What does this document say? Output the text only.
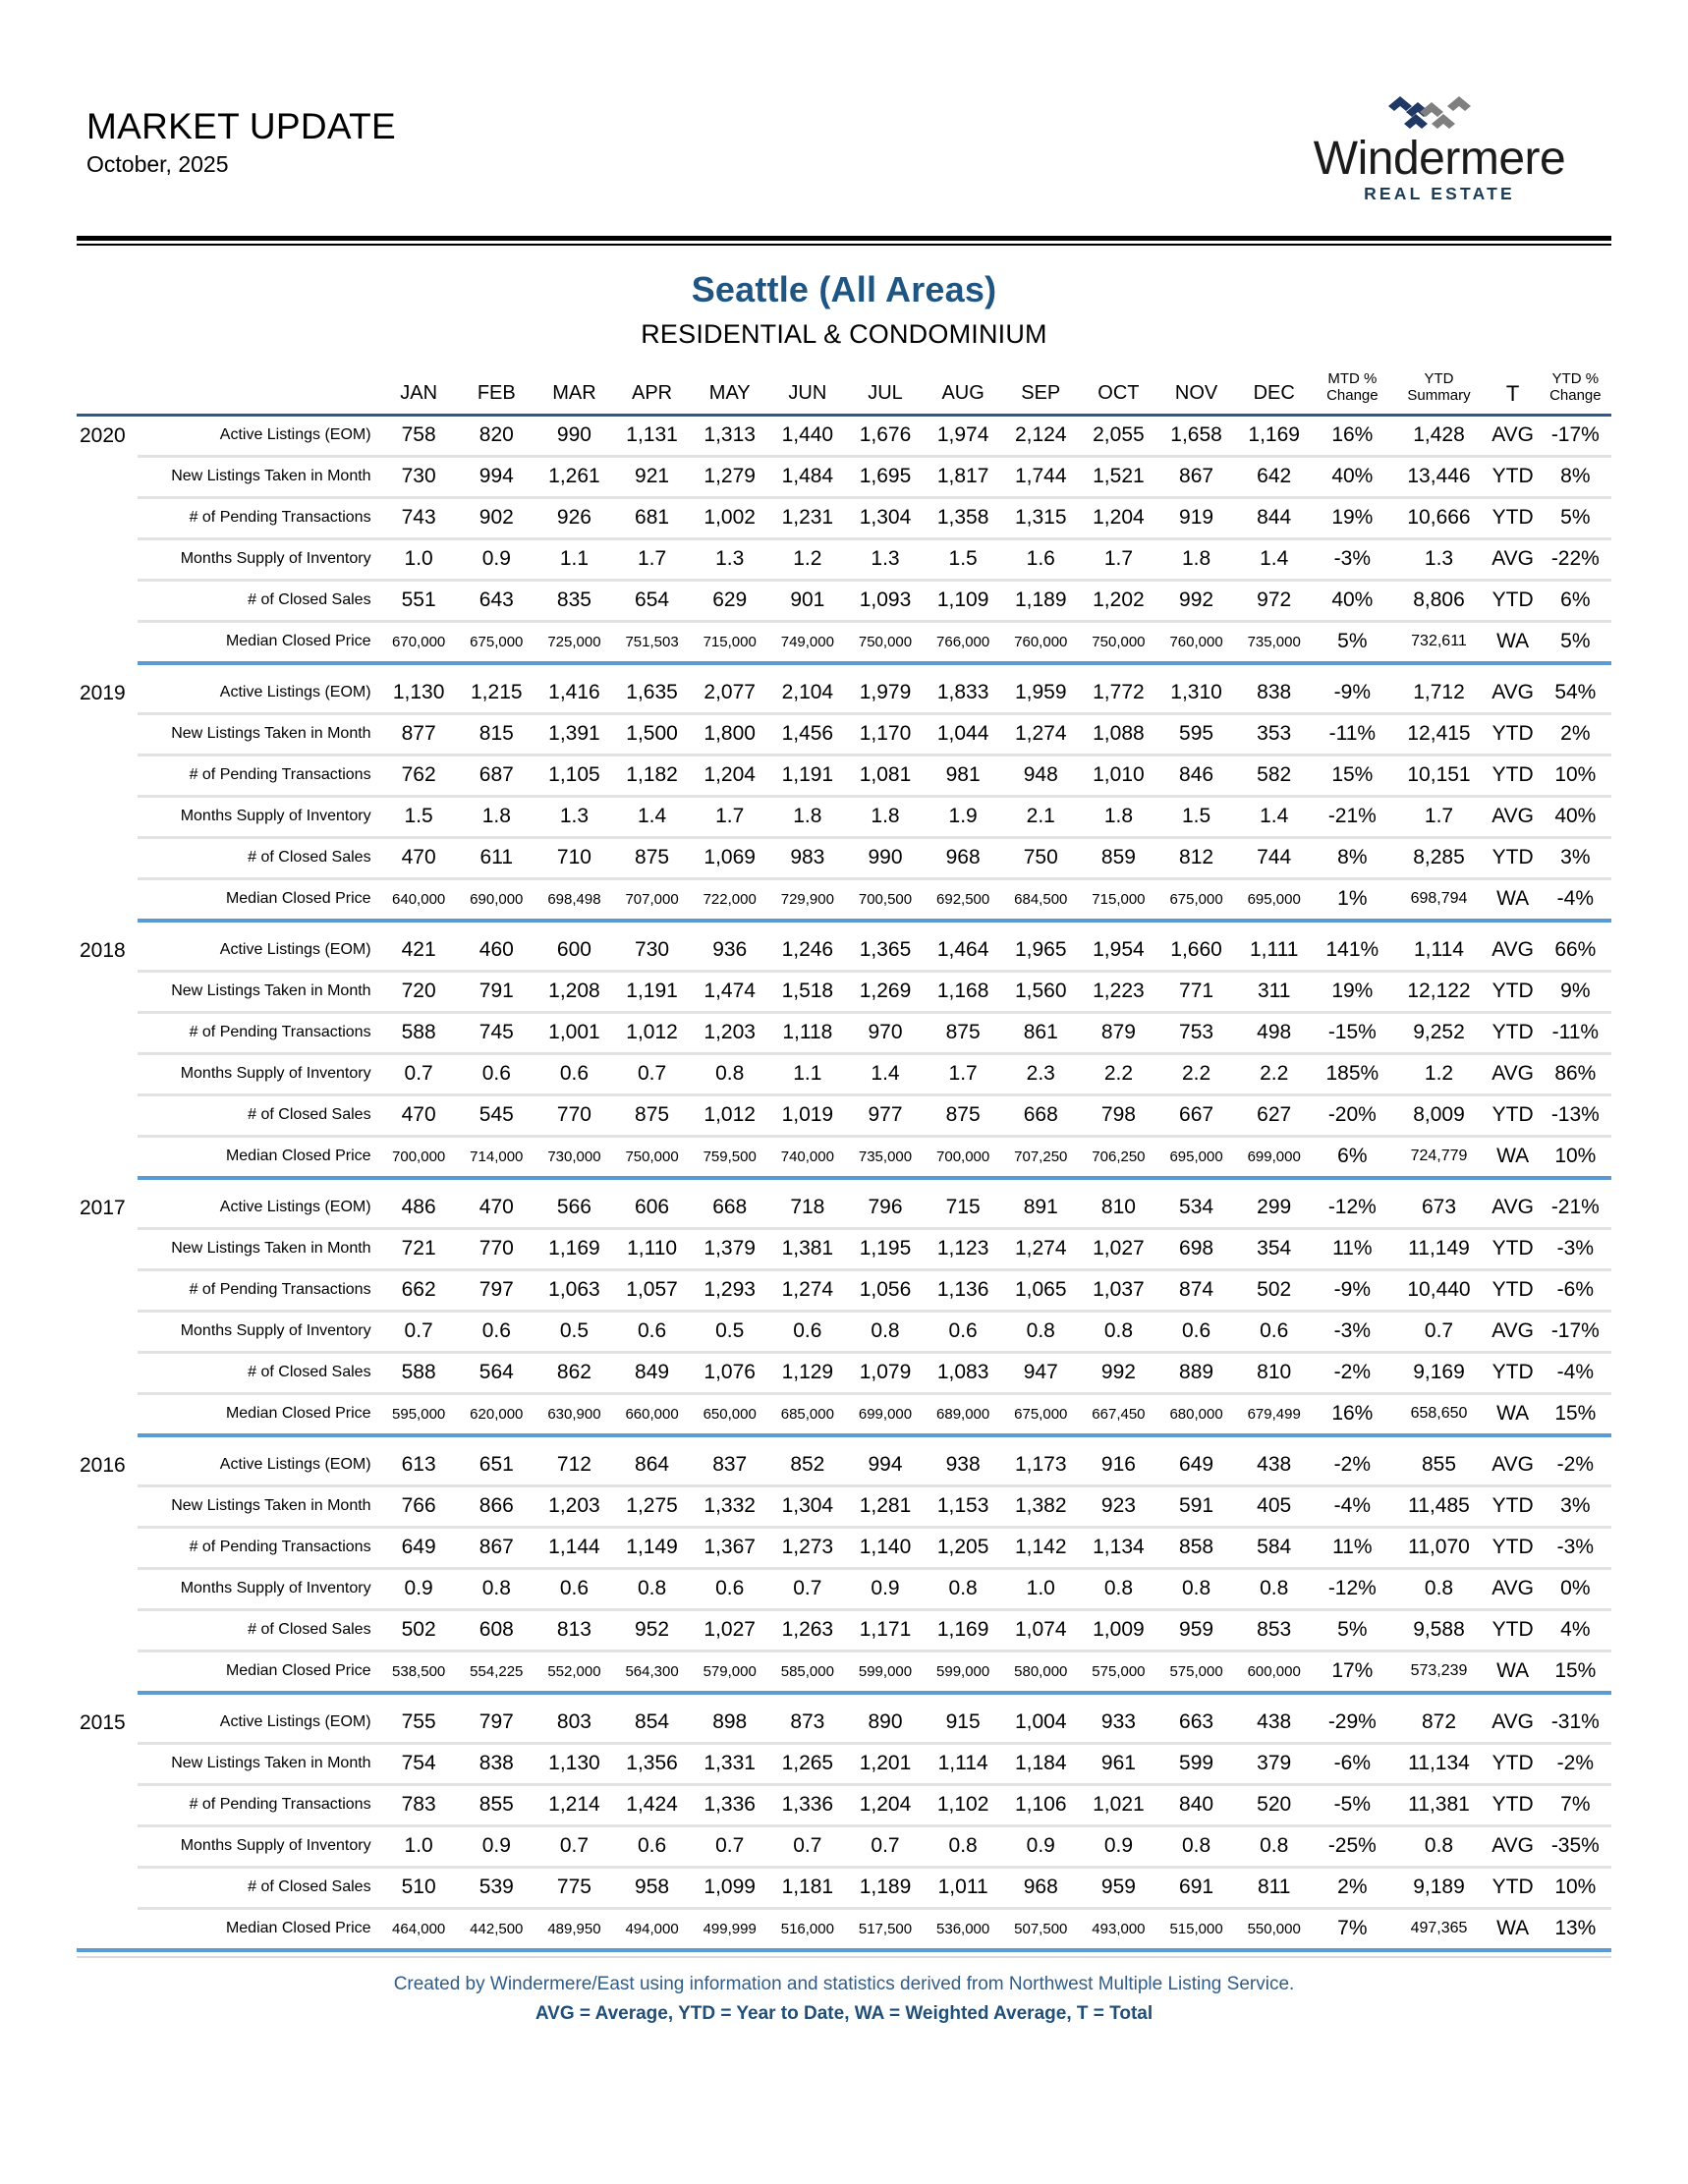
MARKET UPDATE
October, 2025	Windermere
REAL ESTATE
Seattle (All Areas)
RESIDENTIAL & CONDOMINIUM
		JAN	FEB	MAR	APR	MAY	JUN	JUL	AUG	SEP	OCT	NOV	DEC	MTD %
Change	YTD
Summary	T	YTD %
Change
2020	Active Listings (EOM)	758	820	990	1,131	1,313	1,440	1,676	1,974	2,124	2,055	1,658	1,169	16%	1,428	AVG	-17%
	New Listings Taken in Month	730	994	1,261	921	1,279	1,484	1,695	1,817	1,744	1,521	867	642	40%	13,446	YTD	8%
	# of Pending Transactions	743	902	926	681	1,002	1,231	1,304	1,358	1,315	1,204	919	844	19%	10,666	YTD	5%
	Months Supply of Inventory	1.0	0.9	1.1	1.7	1.3	1.2	1.3	1.5	1.6	1.7	1.8	1.4	-3%	1.3	AVG	-22%
	# of Closed Sales	551	643	835	654	629	901	1,093	1,109	1,189	1,202	992	972	40%	8,806	YTD	6%
	Median Closed Price	670,000	675,000	725,000	751,503	715,000	749,000	750,000	766,000	760,000	750,000	760,000	735,000	5%	732,611	WA	5%

2019	Active Listings (EOM)	1,130	1,215	1,416	1,635	2,077	2,104	1,979	1,833	1,959	1,772	1,310	838	-9%	1,712	AVG	54%
	New Listings Taken in Month	877	815	1,391	1,500	1,800	1,456	1,170	1,044	1,274	1,088	595	353	-11%	12,415	YTD	2%
	# of Pending Transactions	762	687	1,105	1,182	1,204	1,191	1,081	981	948	1,010	846	582	15%	10,151	YTD	10%
	Months Supply of Inventory	1.5	1.8	1.3	1.4	1.7	1.8	1.8	1.9	2.1	1.8	1.5	1.4	-21%	1.7	AVG	40%
	# of Closed Sales	470	611	710	875	1,069	983	990	968	750	859	812	744	8%	8,285	YTD	3%
	Median Closed Price	640,000	690,000	698,498	707,000	722,000	729,900	700,500	692,500	684,500	715,000	675,000	695,000	1%	698,794	WA	-4%

2018	Active Listings (EOM)	421	460	600	730	936	1,246	1,365	1,464	1,965	1,954	1,660	1,111	141%	1,114	AVG	66%
	New Listings Taken in Month	720	791	1,208	1,191	1,474	1,518	1,269	1,168	1,560	1,223	771	311	19%	12,122	YTD	9%
	# of Pending Transactions	588	745	1,001	1,012	1,203	1,118	970	875	861	879	753	498	-15%	9,252	YTD	-11%
	Months Supply of Inventory	0.7	0.6	0.6	0.7	0.8	1.1	1.4	1.7	2.3	2.2	2.2	2.2	185%	1.2	AVG	86%
	# of Closed Sales	470	545	770	875	1,012	1,019	977	875	668	798	667	627	-20%	8,009	YTD	-13%
	Median Closed Price	700,000	714,000	730,000	750,000	759,500	740,000	735,000	700,000	707,250	706,250	695,000	699,000	6%	724,779	WA	10%

2017	Active Listings (EOM)	486	470	566	606	668	718	796	715	891	810	534	299	-12%	673	AVG	-21%
	New Listings Taken in Month	721	770	1,169	1,110	1,379	1,381	1,195	1,123	1,274	1,027	698	354	11%	11,149	YTD	-3%
	# of Pending Transactions	662	797	1,063	1,057	1,293	1,274	1,056	1,136	1,065	1,037	874	502	-9%	10,440	YTD	-6%
	Months Supply of Inventory	0.7	0.6	0.5	0.6	0.5	0.6	0.8	0.6	0.8	0.8	0.6	0.6	-3%	0.7	AVG	-17%
	# of Closed Sales	588	564	862	849	1,076	1,129	1,079	1,083	947	992	889	810	-2%	9,169	YTD	-4%
	Median Closed Price	595,000	620,000	630,900	660,000	650,000	685,000	699,000	689,000	675,000	667,450	680,000	679,499	16%	658,650	WA	15%

2016	Active Listings (EOM)	613	651	712	864	837	852	994	938	1,173	916	649	438	-2%	855	AVG	-2%
	New Listings Taken in Month	766	866	1,203	1,275	1,332	1,304	1,281	1,153	1,382	923	591	405	-4%	11,485	YTD	3%
	# of Pending Transactions	649	867	1,144	1,149	1,367	1,273	1,140	1,205	1,142	1,134	858	584	11%	11,070	YTD	-3%
	Months Supply of Inventory	0.9	0.8	0.6	0.8	0.6	0.7	0.9	0.8	1.0	0.8	0.8	0.8	-12%	0.8	AVG	0%
	# of Closed Sales	502	608	813	952	1,027	1,263	1,171	1,169	1,074	1,009	959	853	5%	9,588	YTD	4%
	Median Closed Price	538,500	554,225	552,000	564,300	579,000	585,000	599,000	599,000	580,000	575,000	575,000	600,000	17%	573,239	WA	15%

2015	Active Listings (EOM)	755	797	803	854	898	873	890	915	1,004	933	663	438	-29%	872	AVG	-31%
	New Listings Taken in Month	754	838	1,130	1,356	1,331	1,265	1,201	1,114	1,184	961	599	379	-6%	11,134	YTD	-2%
	# of Pending Transactions	783	855	1,214	1,424	1,336	1,336	1,204	1,102	1,106	1,021	840	520	-5%	11,381	YTD	7%
	Months Supply of Inventory	1.0	0.9	0.7	0.6	0.7	0.7	0.7	0.8	0.9	0.9	0.8	0.8	-25%	0.8	AVG	-35%
	# of Closed Sales	510	539	775	958	1,099	1,181	1,189	1,011	968	959	691	811	2%	9,189	YTD	10%
	Median Closed Price	464,000	442,500	489,950	494,000	499,999	516,000	517,500	536,000	507,500	493,000	515,000	550,000	7%	497,365	WA	13%
Created by Windermere/East using information and statistics derived from Northwest Multiple Listing Service.
AVG = Average, YTD = Year to Date, WA = Weighted Average, T = Total
